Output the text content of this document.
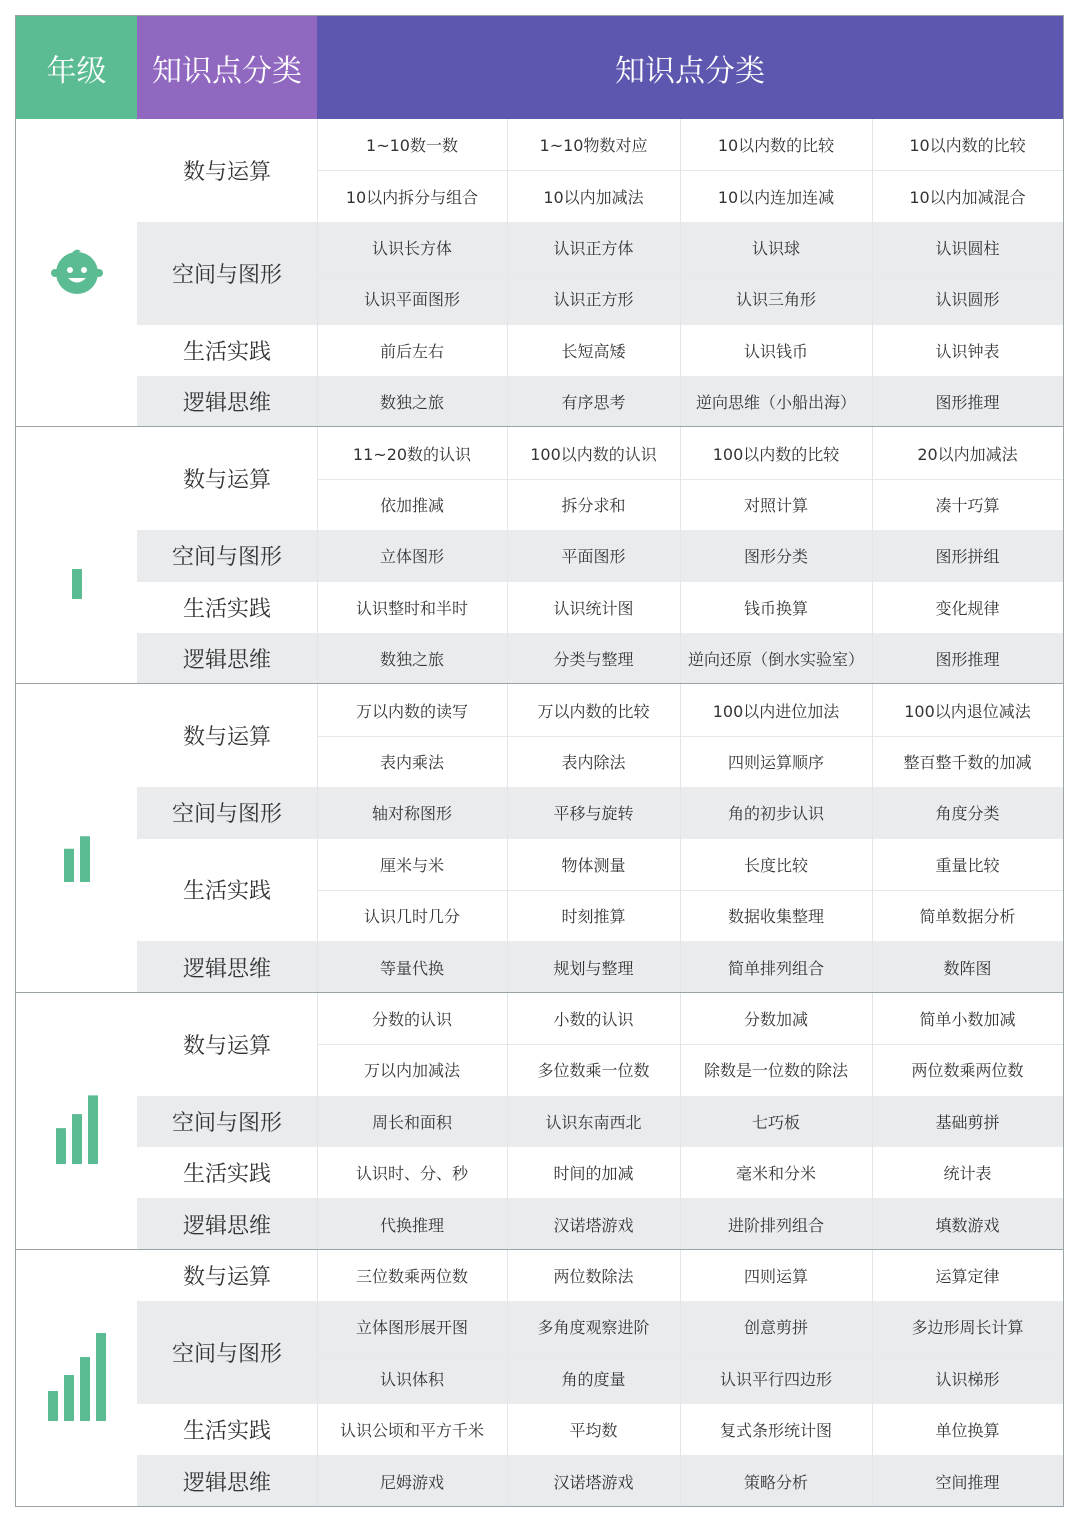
年级	知识点分类	知识点分类
数与运算
1~10数一数	1~10物数对应	10以内数的比较	10以内数的比较
10以内拆分与组合	10以内加减法	10以内连加连减	10以内加减混合
空间与图形
认识长方体	认识正方体	认识球	认识圆柱
认识平面图形	认识正方形	认识三角形	认识圆形
生活实践	前后左右	长短高矮	认识钱币	认识钟表
逻辑思维	数独之旅	有序思考	逆向思维（小船出海）	图形推理
数与运算
11~20数的认识	100以内数的认识	100以内数的比较	20以内加减法
依加推减	拆分求和	对照计算	凑十巧算
空间与图形	立体图形	平面图形	图形分类	图形拼组
生活实践	认识整时和半时	认识统计图	钱币换算	变化规律
逻辑思维	数独之旅	分类与整理	逆向还原（倒水实验室）	图形推理
数与运算
万以内数的读写	万以内数的比较	100以内进位加法	100以内退位减法
表内乘法	表内除法	四则运算顺序	整百整千数的加减
空间与图形	轴对称图形	平移与旋转	角的初步认识	角度分类
生活实践
厘米与米	物体测量	长度比较	重量比较
认识几时几分	时刻推算	数据收集整理	简单数据分析
逻辑思维	等量代换	规划与整理	简单排列组合	数阵图
数与运算
分数的认识	小数的认识	分数加减	简单小数加减
万以内加减法	多位数乘一位数	除数是一位数的除法	两位数乘两位数
空间与图形	周长和面积	认识东南西北	七巧板	基础剪拼
生活实践	认识时、分、秒	时间的加减	毫米和分米	统计表
逻辑思维	代换推理	汉诺塔游戏	进阶排列组合	填数游戏
数与运算	三位数乘两位数	两位数除法	四则运算	运算定律
空间与图形
立体图形展开图	多角度观察进阶	创意剪拼	多边形周长计算
认识体积	角的度量	认识平行四边形	认识梯形
生活实践	认识公顷和平方千米	平均数	复式条形统计图	单位换算
逻辑思维	尼姆游戏	汉诺塔游戏	策略分析	空间推理
